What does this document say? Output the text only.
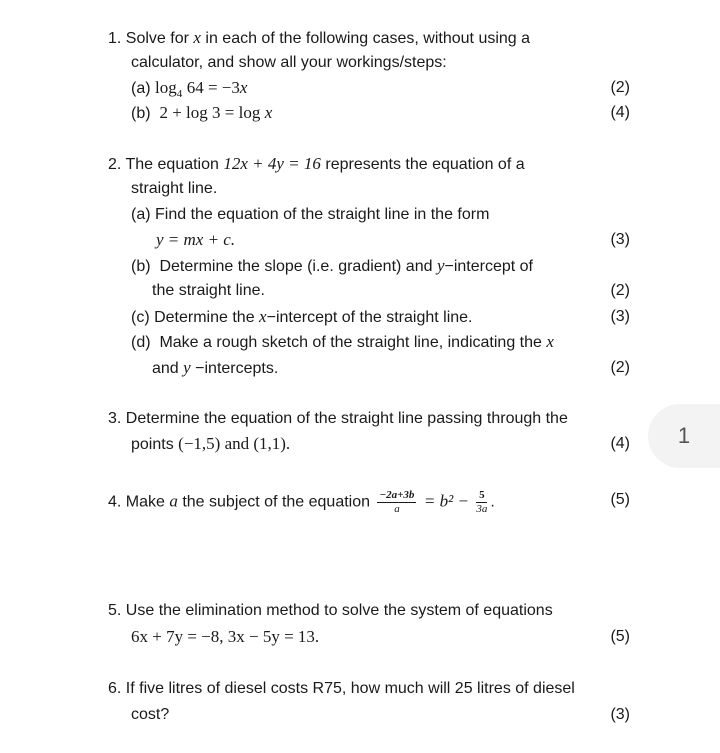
1. Solve for x in each of the following cases, without using a
calculator, and show all your workings/steps:
(a) $\log_4 64 = -3x$	(2)
(b) 2 + log 3 = log x	(4)
2. The equation 12x + 4y = 16 represents the equation of a
straight line.
(a) Find the equation of the straight line in the form
y = mx + c.	(3)
(b) Determine the slope (i.e. gradient) and y−intercept of
the straight line.	(2)
(c) Determine the x−intercept of the straight line.	(3)
(d) Make a rough sketch of the straight line, indicating the x
and y −intercepts.	(2)
3. Determine the equation of the straight line passing through the
points (−1,5) and (1,1).	(4)
4. Make a the subject of the equation $\frac{-2a+3b}{a} = b^2 - \frac{5}{3a}$ .	(5)
5. Use the elimination method to solve the system of equations
6x + 7y = −8, 3x − 5y = 13.	(5)
6. If five litres of diesel costs R75, how much will 25 litres of diesel
cost?	(3)
1
